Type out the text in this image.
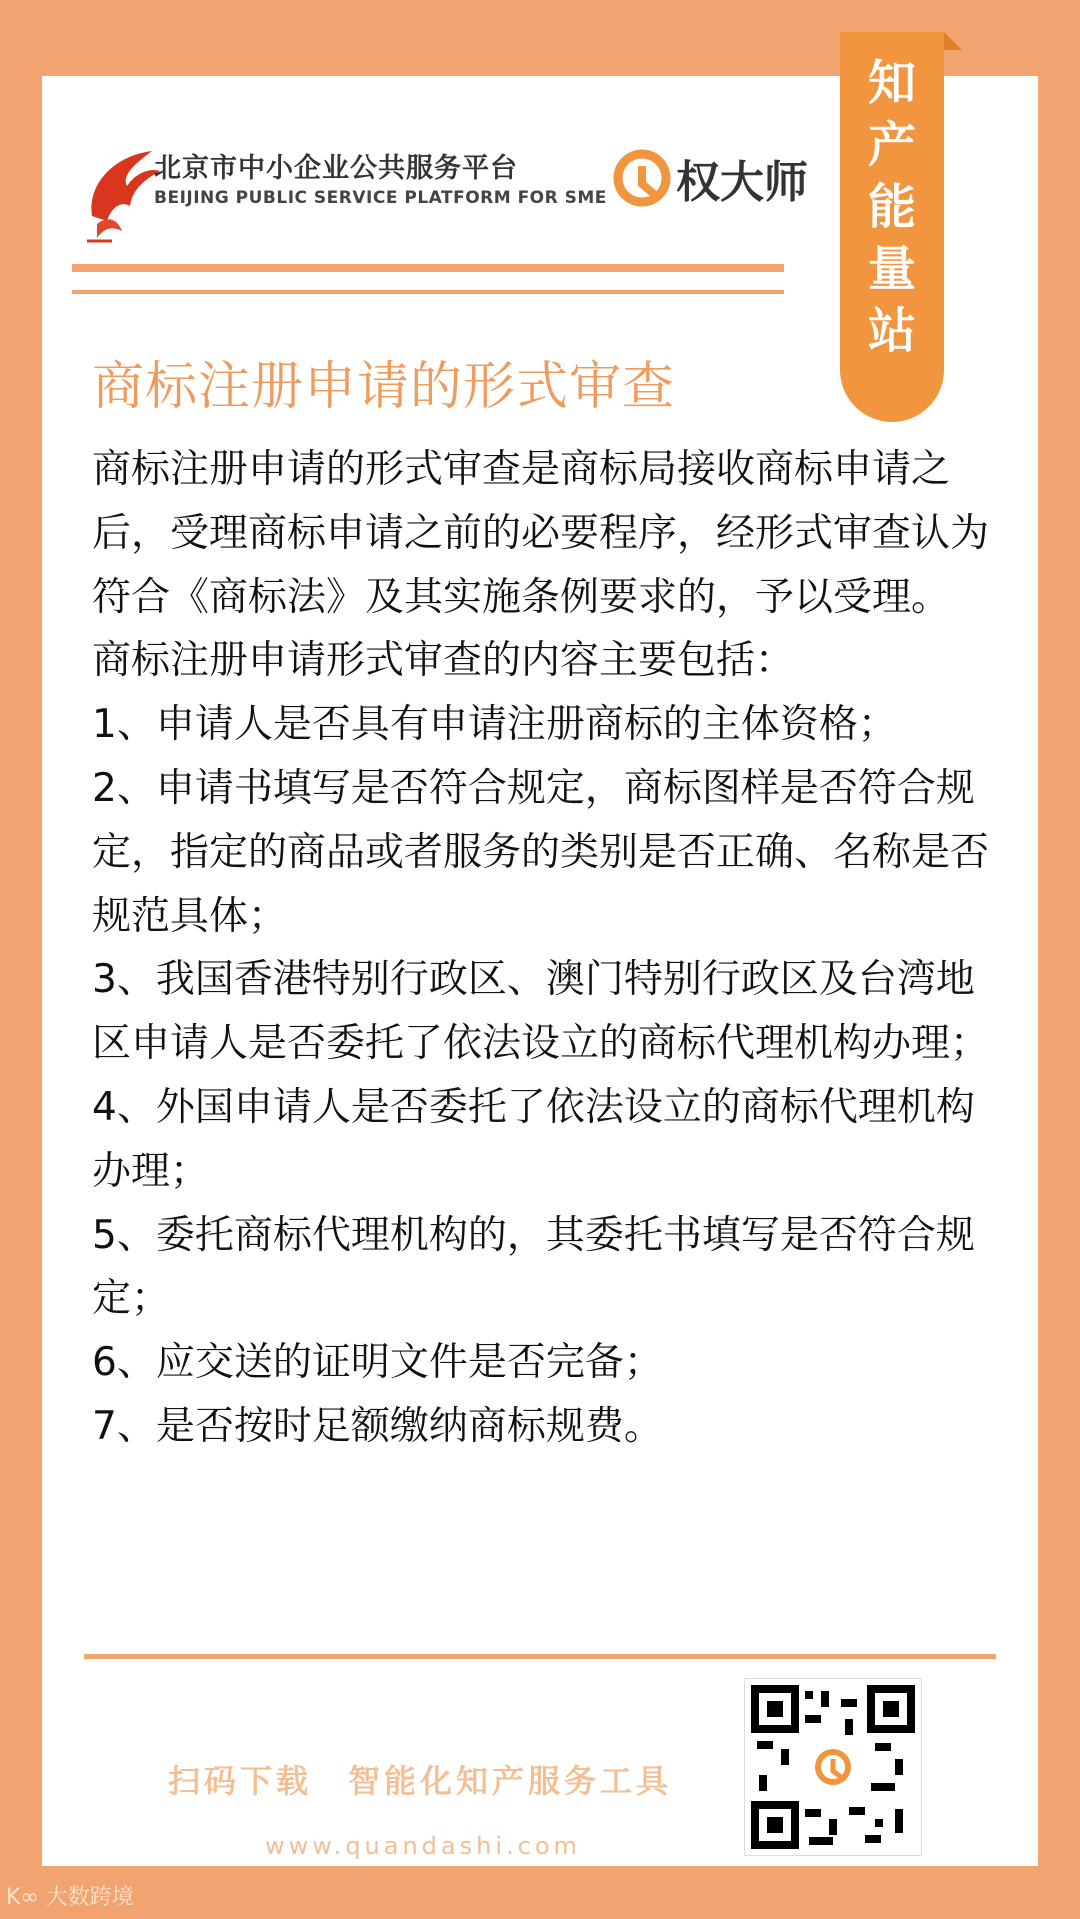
北京市中小企业公共服务平台
BEIJING PUBLIC SERVICE PLATFORM FOR SME 权大师
知
产
能
量
站
商标注册申请的形式审查

商标注册申请的形式审查是商标局接收商标申请之后，受理商标申请之前的必要程序，经形式审查认为符合《商标法》及其实施条例要求的，予以受理。

商标注册申请形式审查的内容主要包括：

1、申请人是否具有申请注册商标的主体资格；

2、申请书填写是否符合规定，商标图样是否符合规定，指定的商品或者服务的类别是否正确、名称是否规范具体；

3、我国香港特别行政区、澳门特别行政区及台湾地区申请人是否委托了依法设立的商标代理机构办理；

4、外国申请人是否委托了依法设立的商标代理机构办理；

5、委托商标代理机构的，其委托书填写是否符合规定；

6、应交送的证明文件是否完备；

7、是否按时足额缴纳商标规费。

扫码下载　智能化知产服务工具
www.quandashi.com
K∞ 大数跨境
